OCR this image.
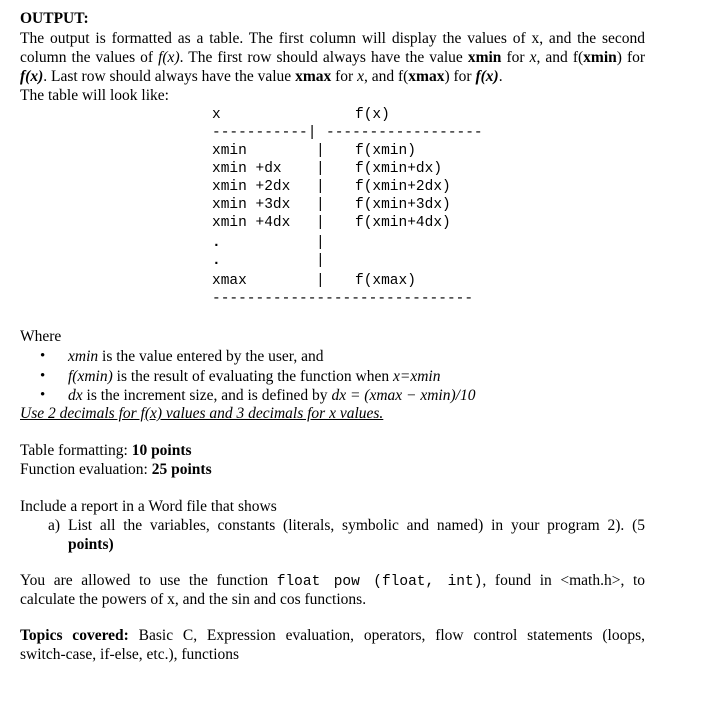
OUTPUT:
The output is formatted as a table. The first column will display the values of x, and the second
column the values of f(x). The first row should always have the value xmin for x, and f(xmin) for
f(x). Last row should always have the value xmax for x, and f(xmax) for f(x).
The table will look like:
x	f(x)
-----------| ------------------
xmin	| f(xmin)
xmin +dx | f(xmin+dx)
xmin +2dx | f(xmin+2dx)
xmin +3dx | f(xmin+3dx)
xmin +4dx | f(xmin+4dx)
.	|
.	|
xmax	| f(xmax)
------------------------------
Where
• xmin is the value entered by the user, and
• f(xmin) is the result of evaluating the function when x=xmin
• dx is the increment size, and is defined by dx = (xmax − xmin)/10
Use 2 decimals for f(x) values and 3 decimals for x values.
Table formatting: 10 points
Function evaluation: 25 points
Include a report in a Word file that shows
a) List all the variables, constants (literals, symbolic and named) in your program 2). (5
points)
You are allowed to use the function float pow (float, int), found in <math.h>, to
calculate the powers of x, and the sin and cos functions.
Topics covered: Basic C, Expression evaluation, operators, flow control statements (loops,
switch-case, if-else, etc.), functions
